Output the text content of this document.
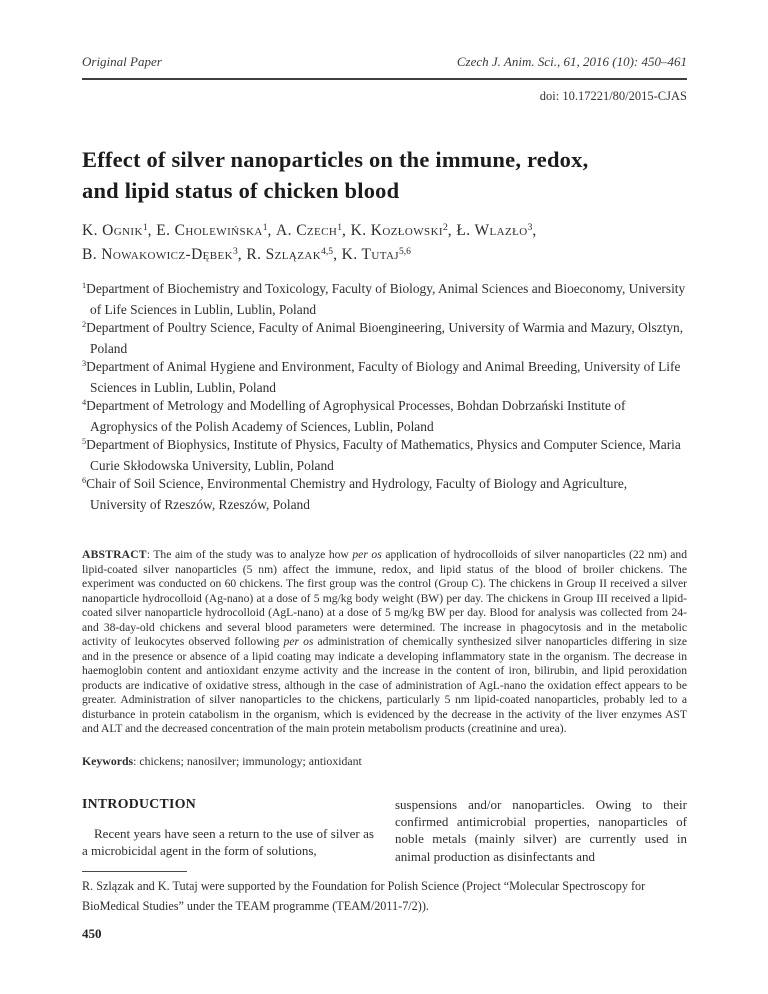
Original Paper	Czech J. Anim. Sci., 61, 2016 (10): 450–461
doi: 10.17221/80/2015-CJAS
Effect of silver nanoparticles on the immune, redox,
and lipid status of chicken blood
K. Ognik$^1$, E. Cholewińska$^1$, A. Czech$^1$, K. Kozłowski$^2$, Ł. Wlazło$^3$,
B. Nowakowicz-Dębek$^3$, R. Szlązak$^{4,5}$, K. Tutaj$^{5,6}$
$^1$Department of Biochemistry and Toxicology, Faculty of Biology, Animal Sciences and Bioeconomy, University of Life Sciences in Lublin, Lublin, Poland
$^2$Department of Poultry Science, Faculty of Animal Bioengineering, University of Warmia and Mazury, Olsztyn, Poland
$^3$Department of Animal Hygiene and Environment, Faculty of Biology and Animal Breeding, University of Life Sciences in Lublin, Lublin, Poland
$^4$Department of Metrology and Modelling of Agrophysical Processes, Bohdan Dobrzański Institute of Agrophysics of the Polish Academy of Sciences, Lublin, Poland
$^5$Department of Biophysics, Institute of Physics, Faculty of Mathematics, Physics and Computer Science, Maria Curie Skłodowska University, Lublin, Poland
$^6$Chair of Soil Science, Environmental Chemistry and Hydrology, Faculty of Biology and Agriculture, University of Rzeszów, Rzeszów, Poland

ABSTRACT: The aim of the study was to analyze how per os application of hydrocolloids of silver nanoparticles (22 nm) and lipid-coated silver nanoparticles (5 nm) affect the immune, redox, and lipid status of the blood of broiler chickens. The experiment was conducted on 60 chickens. The first group was the control (Group C). The chickens in Group II received a silver nanoparticle hydrocolloid (Ag-nano) at a dose of 5 mg/kg body weight (BW) per day. The chickens in Group III received a lipid-coated silver nanoparticle hydrocolloid (AgL-nano) at a dose of 5 mg/kg BW per day. Blood for analysis was collected from 24- and 38-day-old chickens and several blood parameters were determined. The increase in phagocytosis and in the metabolic activity of leukocytes observed following per os administration of chemically synthesized silver nanoparticles differing in size and in the presence or absence of a lipid coating may indicate a developing inflammatory state in the organism. The decrease in haemoglobin content and antioxidant enzyme activity and the increase in the content of iron, bilirubin, and lipid peroxidation products are indicative of oxidative stress, although in the case of administration of AgL-nano the oxidation effect appears to be greater. Administration of silver nanoparticles to the chickens, particularly 5 nm lipid-coated nanoparticles, probably led to a disturbance in protein catabolism in the organism, which is evidenced by the decrease in the activity of the liver enzymes AST and ALT and the decreased concentration of the main protein metabolism products (creatinine and urea).

Keywords: chickens; nanosilver; immunology; antioxidant

INTRODUCTION

Recent years have seen a return to the use of silver as a microbicidal agent in the form of solutions,

suspensions and/or nanoparticles. Owing to their confirmed antimicrobial properties, nanoparticles of noble metals (mainly silver) are currently used in animal production as disinfectants and

R. Szlązak and K. Tutaj were supported by the Foundation for Polish Science (Project “Molecular Spectroscopy for BioMedical Studies” under the TEAM programme (TEAM/2011-7/2)).

450
